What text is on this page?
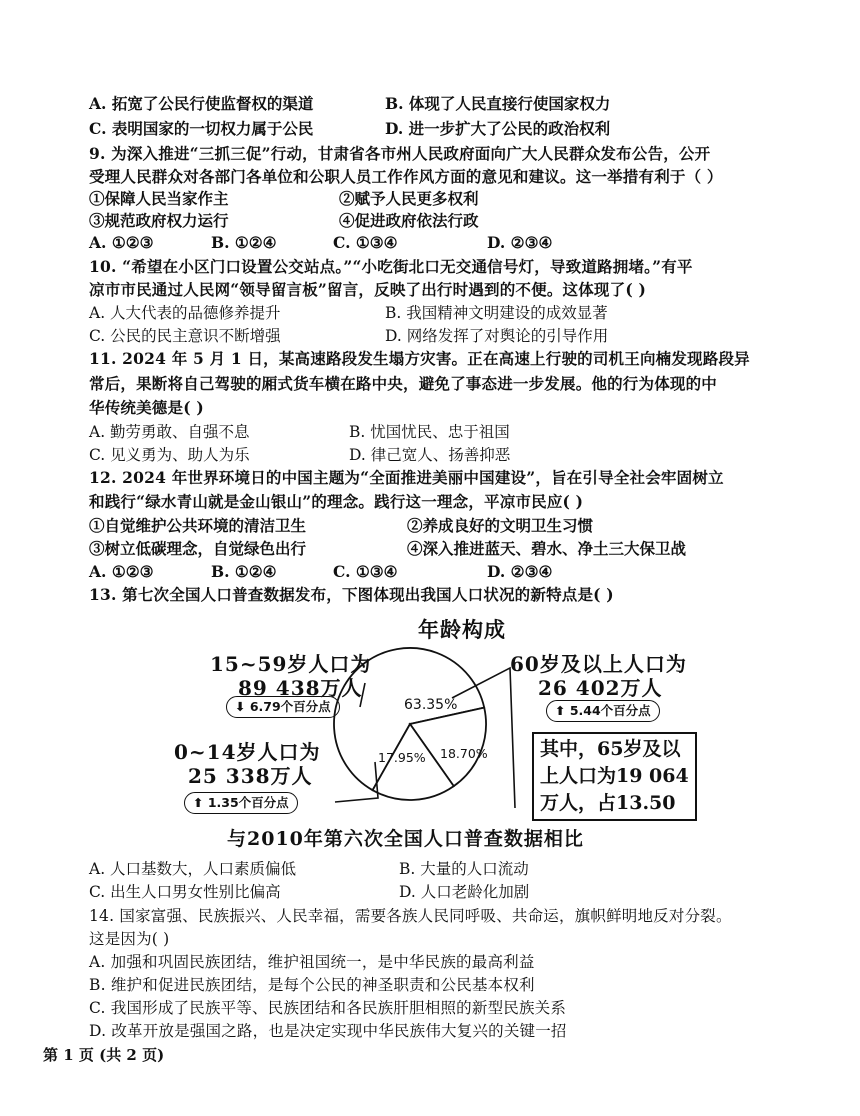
A. 拓宽了公民行使监督权的渠道	B. 体现了人民直接行使国家权力
C. 表明国家的一切权力属于公民	D. 进一步扩大了公民的政治权利
9. 为深入推进“三抓三促”行动，甘肃省各市州人民政府面向广大人民群众发布公告，公开
受理人民群众对各部门各单位和公职人员工作作风方面的意见和建议。这一举措有利于（ ）
①保障人民当家作主	②赋予人民更多权利
③规范政府权力运行	④促进政府依法行政
A. ①②③	B. ①②④	C. ①③④	D. ②③④
10. “希望在小区门口设置公交站点。”“小吃街北口无交通信号灯，导致道路拥堵。”有平
凉市市民通过人民网“领导留言板”留言，反映了出行时遇到的不便。这体现了( )
A. 人大代表的品德修养提升	B. 我国精神文明建设的成效显著
C. 公民的民主意识不断增强	D. 网络发挥了对舆论的引导作用
11. 2024 年 5 月 1 日，某高速路段发生塌方灾害。正在高速上行驶的司机王向楠发现路段异
常后，果断将自己驾驶的厢式货车横在路中央，避免了事态进一步发展。他的行为体现的中
华传统美德是( )
A. 勤劳勇敢、自强不息	B. 忧国忧民、忠于祖国
C. 见义勇为、助人为乐	D. 律己宽人、扬善抑恶
12. 2024 年世界环境日的中国主题为“全面推进美丽中国建设”，旨在引导全社会牢固树立
和践行“绿水青山就是金山银山”的理念。践行这一理念，平凉市民应( )
①自觉维护公共环境的清洁卫生	②养成良好的文明卫生习惯
③树立低碳理念，自觉绿色出行	④深入推进蓝天、碧水、净土三大保卫战
A. ①②③	B. ①②④	C. ①③④	D. ②③④
13. 第七次全国人口普查数据发布，下图体现出我国人口状况的新特点是( )
年龄构成
15~59岁人口为
89 438万人
⬇ 6.79个百分点	63.35%
17.95% 18.70%
60岁及以上人口为
26 402万人
⬆ 5.44个百分点
其中，65岁及以
上人口为19 064
万人，占13.50
0~14岁人口为
25 338万人
⬆ 1.35个百分点
与2010年第六次全国人口普查数据相比
A. 人口基数大，人口素质偏低	B. 大量的人口流动
C. 出生人口男女性别比偏高	D. 人口老龄化加剧
14. 国家富强、民族振兴、人民幸福，需要各族人民同呼吸、共命运，旗帜鲜明地反对分裂。
这是因为( )
A. 加强和巩固民族团结，维护祖国统一，是中华民族的最高利益
B. 维护和促进民族团结，是每个公民的神圣职责和公民基本权利
C. 我国形成了民族平等、民族团结和各民族肝胆相照的新型民族关系
D. 改革开放是强国之路，也是决定实现中华民族伟大复兴的关键一招
第 1 页 (共 2 页)
